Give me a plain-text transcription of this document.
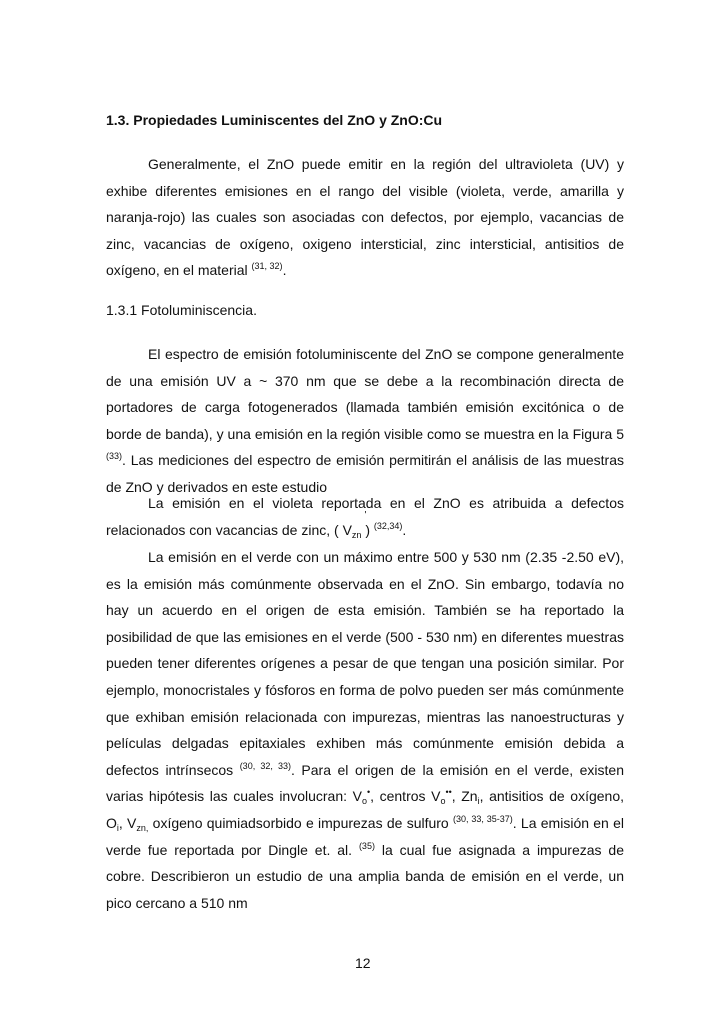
1.3. Propiedades Luminiscentes del ZnO y ZnO:Cu
Generalmente, el ZnO puede emitir en la región del ultravioleta (UV) y exhibe diferentes emisiones en el rango del visible (violeta, verde, amarilla y naranja-rojo) las cuales son asociadas con defectos, por ejemplo, vacancias de zinc, vacancias de oxígeno, oxigeno intersticial, zinc intersticial, antisitios de oxígeno, en el material $^{(31, 32)}$.
1.3.1 Fotoluminiscencia.
El espectro de emisión fotoluminiscente del ZnO se compone generalmente de una emisión UV a ~ 370 nm que se debe a la recombinación directa de portadores de carga fotogenerados (llamada también emisión excitónica o de borde de banda), y una emisión en la región visible como se muestra en la Figura 5 $^{(33)}$. Las mediciones del espectro de emisión permitirán el análisis de las muestras de ZnO y derivados en este estudio
La emisión en el violeta reportada en el ZnO es atribuida a defectos relacionados con vacancias de zinc, ( $V_{zn}$
'
) $^{(32,34)}$.
La emisión en el verde con un máximo entre 500 y 530 nm (2.35 -2.50 eV), es la emisión más comúnmente observada en el ZnO. Sin embargo, todavía no hay un acuerdo en el origen de esta emisión. También se ha reportado la posibilidad de que las emisiones en el verde (500 - 530 nm) en diferentes muestras pueden tener diferentes orígenes a pesar de que tengan una posición similar. Por ejemplo, monocristales y fósforos en forma de polvo pueden ser más comúnmente que exhiban emisión relacionada con impurezas, mientras las nanoestructuras y películas delgadas epitaxiales exhiben más comúnmente emisión debida a defectos intrínsecos $^{(30, 32, 33)}$. Para el origen de la emisión en el verde, existen varias hipótesis las cuales involucran: $V_o^•$, centros $V_o^{••}$, $Zn_i$, antisitios de oxígeno, $O_i$, $V_{zn,}$ oxígeno quimiadsorbido e impurezas de sulfuro $^{(30, 33, 35-37)}$. La emisión en el verde fue reportada por Dingle et. al. $^{(35)}$ la cual fue asignada a impurezas de cobre. Describieron un estudio de una amplia banda de emisión en el verde, un pico cercano a 510 nm
12
